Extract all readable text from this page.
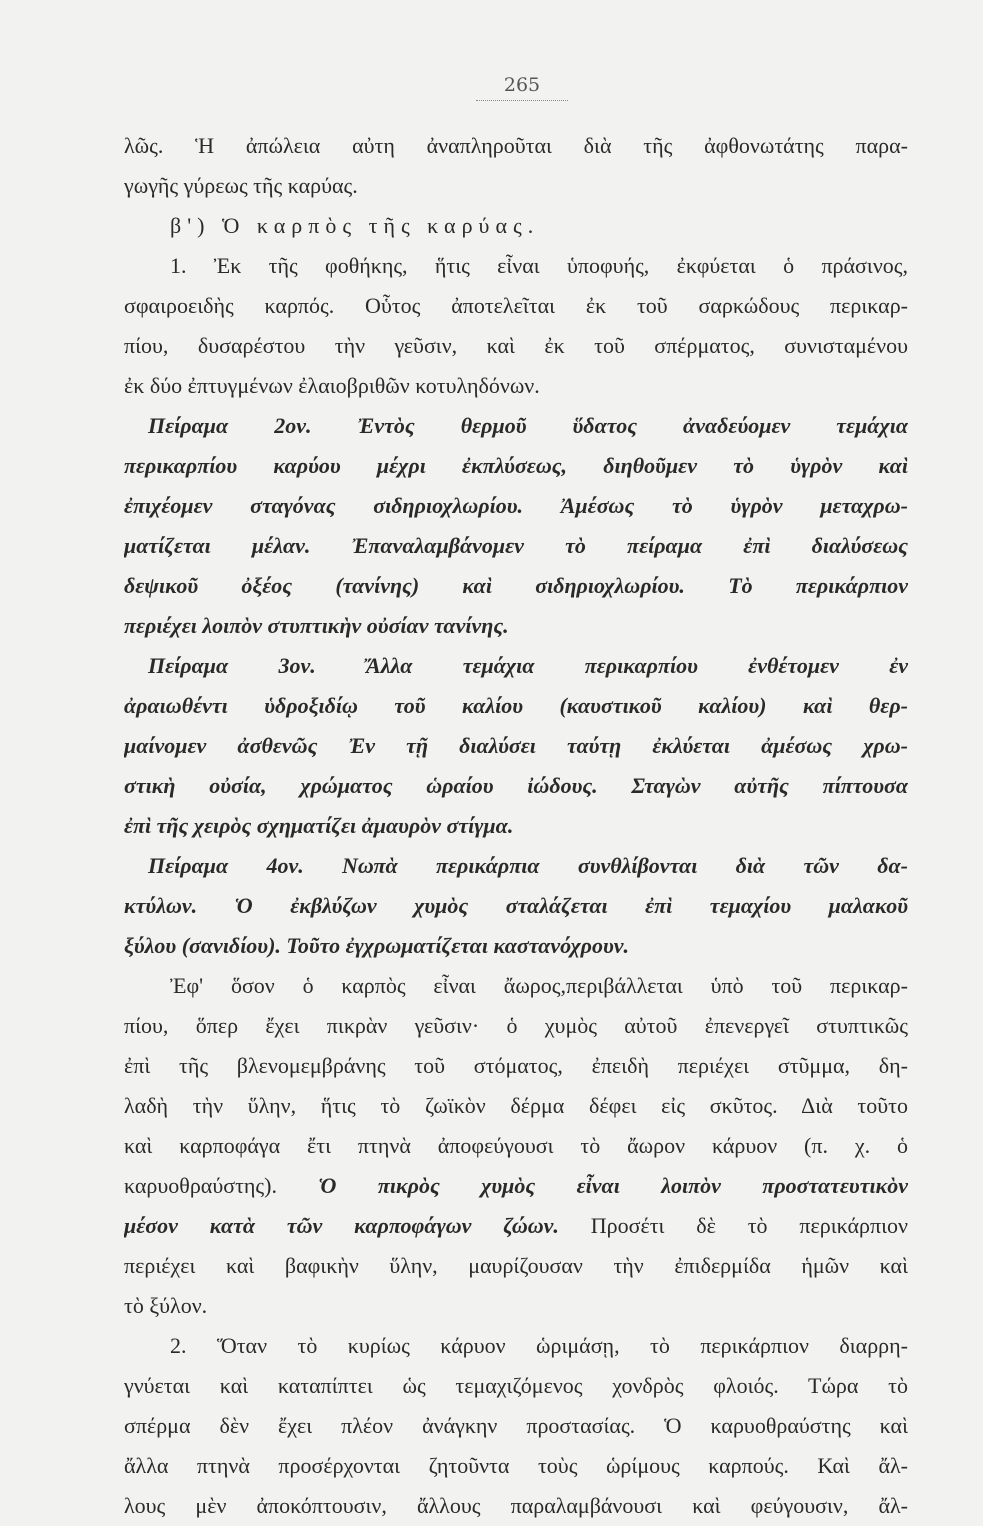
265
λῶς. Ἡ ἀπώλεια αὐτη ἀναπληροῦται διὰ τῆς ἀφθονωτάτης παρα-
γωγῆς γύρεως τῆς καρύας.
β') Ὁ καρπὸς τῆς καρύας.
1. Ἐκ τῆς φοθήκης, ἥτις εἶναι ὑποφυής, ἐκφύεται ὁ πράσινος,
σφαιροειδὴς καρπός. Οὗτος ἀποτελεῖται ἐκ τοῦ σαρκώδους περικαρ-
πίου, δυσαρέστου τὴν γεῦσιν, καὶ ἐκ τοῦ σπέρματος, συνισταμένου
ἐκ δύο ἐπτυγμένων ἐλαιοβριθῶν κοτυληδόνων.
Πείραμα 2ον. Ἐντὸς θερμοῦ ὕδατος ἀναδεύομεν τεμάχια
περικαρπίου καρύου μέχρι ἐκπλύσεως, διηθοῦμεν τὸ ὑγρὸν καὶ
ἐπιχέομεν σταγόνας σιδηριοχλωρίου. Ἀμέσως τὸ ὑγρὸν μεταχρω-
ματίζεται μέλαν. Ἐπαναλαμβάνομεν τὸ πείραμα ἐπὶ διαλύσεως
δεψικοῦ ὀξέος (τανίνης) καὶ σιδηριοχλωρίου. Τὸ περικάρπιον
περιέχει λοιπὸν στυπτικὴν οὐσίαν τανίνης.
Πείραμα 3ον. Ἄλλα τεμάχια περικαρπίου ἐνθέτομεν ἐν
ἀραιωθέντι ὑδροξιδίῳ τοῦ καλίου (καυστικοῦ καλίου) καὶ θερ-
μαίνομεν ἀσθενῶς Ἐν τῇ διαλύσει ταύτῃ ἐκλύεται ἀμέσως χρω-
στικὴ οὐσία, χρώματος ὡραίου ἰώδους. Σταγὼν αὐτῆς πίπτουσα
ἐπὶ τῆς χειρὸς σχηματίζει ἀμαυρὸν στίγμα.
Πείραμα 4ον. Νωπὰ περικάρπια συνθλίβονται διὰ τῶν δα-
κτύλων. Ὁ ἐκβλύζων χυμὸς σταλάζεται ἐπὶ τεμαχίου μαλακοῦ
ξύλου (σανιδίου). Τοῦτο ἐγχρωματίζεται καστανόχρουν.
Ἐφ' ὅσον ὁ καρπὸς εἶναι ἄωρος,περιβάλλεται ὑπὸ τοῦ περικαρ-
πίου, ὅπερ ἔχει πικρὰν γεῦσιν· ὁ χυμὸς αὐτοῦ ἐπενεργεῖ στυπτικῶς
ἐπὶ τῆς βλενομεμβράνης τοῦ στόματος, ἐπειδὴ περιέχει στῦμμα, δη-
λαδὴ τὴν ὕλην, ἥτις τὸ ζωϊκὸν δέρμα δέφει εἰς σκῦτος. Διὰ τοῦτο
καὶ καρποφάγα ἔτι πτηνὰ ἀποφεύγουσι τὸ ἄωρον κάρυον (π. χ. ὁ
καρυοθραύστης). Ὁ πικρὸς χυμὸς εἶναι λοιπὸν προστατευτικὸν
μέσον κατὰ τῶν καρποφάγων ζώων. Προσέτι δὲ τὸ περικάρπιον
περιέχει καὶ βαφικὴν ὕλην, μαυρίζουσαν τὴν ἐπιδερμίδα ἡμῶν καὶ
τὸ ξύλον.
2. Ὅταν τὸ κυρίως κάρυον ὡριμάσῃ, τὸ περικάρπιον διαρρη-
γνύεται καὶ καταπίπτει ὡς τεμαχιζόμενος χονδρὸς φλοιός. Τώρα τὸ
σπέρμα δὲν ἔχει πλέον ἀνάγκην προστασίας. Ὁ καρυοθραύστης καὶ
ἄλλα πτηνὰ προσέρχονται ζητοῦντα τοὺς ὡρίμους καρπούς. Καὶ ἄλ-
λους μὲν ἀποκόπτουσιν, ἄλλους παραλαμβάνουσι καὶ φεύγουσιν, ἄλ-
